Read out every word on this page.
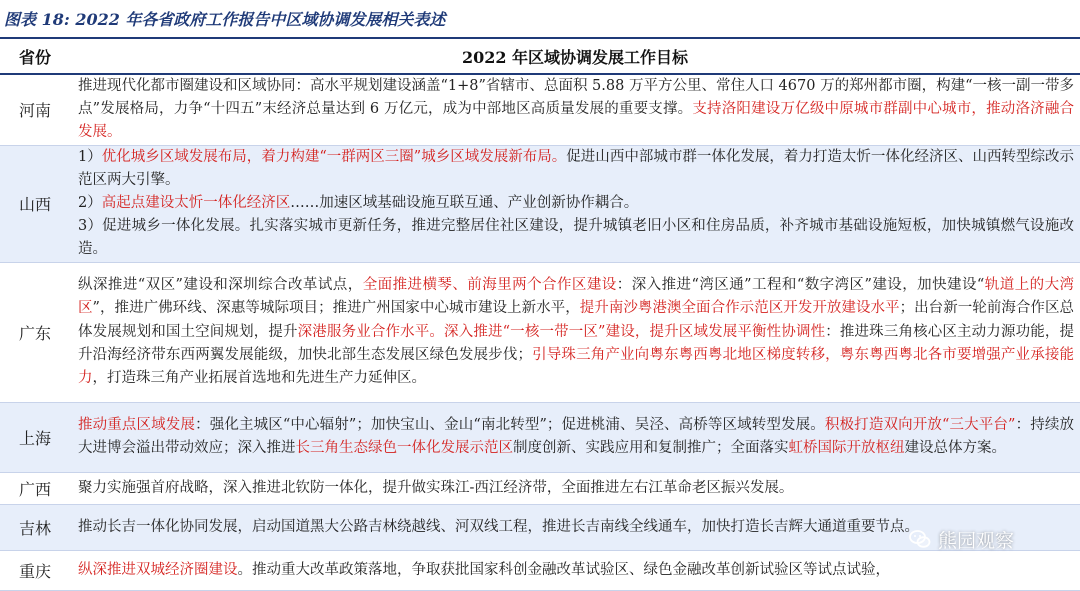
图表 18: 2022 年各省政府工作报告中区域协调发展相关表述
省份	2022 年区域协调发展工作目标
河南	推进现代化都市圈建设和区域协同：高水平规划建设涵盖“1+8”省辖市、总面积 5.88 万平方公里、常住人口 4670 万的郑州都市圈，构建“一核一副一带多点”发展格局，力争“十四五”末经济总量达到 6 万亿元，成为中部地区高质量发展的重要支撑。支持洛阳建设万亿级中原城市群副中心城市，推动洛济融合发展。
山西	1）优化城乡区域发展布局，着力构建“一群两区三圈”城乡区域发展新布局。促进山西中部城市群一体化发展，着力打造太忻一体化经济区、山西转型综改示范区两大引擎。
2）高起点建设太忻一体化经济区……加速区域基础设施互联互通、产业创新协作耦合。
3）促进城乡一体化发展。扎实落实城市更新任务，推进完整居住社区建设，提升城镇老旧小区和住房品质，补齐城市基础设施短板，加快城镇燃气设施改造。
广东	纵深推进“双区”建设和深圳综合改革试点，全面推进横琴、前海里两个合作区建设：深入推进“湾区通”工程和“数字湾区”建设，加快建设“轨道上的大湾区”，推进广佛环线、深惠等城际项目；推进广州国家中心城市建设上新水平，提升南沙粤港澳全面合作示范区开发开放建设水平；出台新一轮前海合作区总体发展规划和国土空间规划，提升深港服务业合作水平。深入推进“一核一带一区”建设，提升区域发展平衡性协调性：推进珠三角核心区主动力源功能，提升沿海经济带东西两翼发展能级，加快北部生态发展区绿色发展步伐；引导珠三角产业向粤东粤西粤北地区梯度转移，粤东粤西粤北各市要增强产业承接能力，打造珠三角产业拓展首选地和先进生产力延伸区。
上海	推动重点区域发展：强化主城区“中心辐射”；加快宝山、金山“南北转型”；促进桃浦、吴泾、高桥等区域转型发展。积极打造双向开放“三大平台”：持续放大进博会溢出带动效应；深入推进长三角生态绿色一体化发展示范区制度创新、实践应用和复制推广；全面落实虹桥国际开放枢纽建设总体方案。
广西	聚力实施强首府战略，深入推进北钦防一体化，提升做实珠江-西江经济带，全面推进左右江革命老区振兴发展。
吉林	推动长吉一体化协同发展，启动国道黑大公路吉林绕越线、河双线工程，推进长吉南线全线通车，加快打造长吉辉大通道重要节点。
重庆	纵深推进双城经济圈建设。推动重大改革政策落地，争取获批国家科创金融改革试验区、绿色金融改革创新试验区等试点试验，
熊园观察
